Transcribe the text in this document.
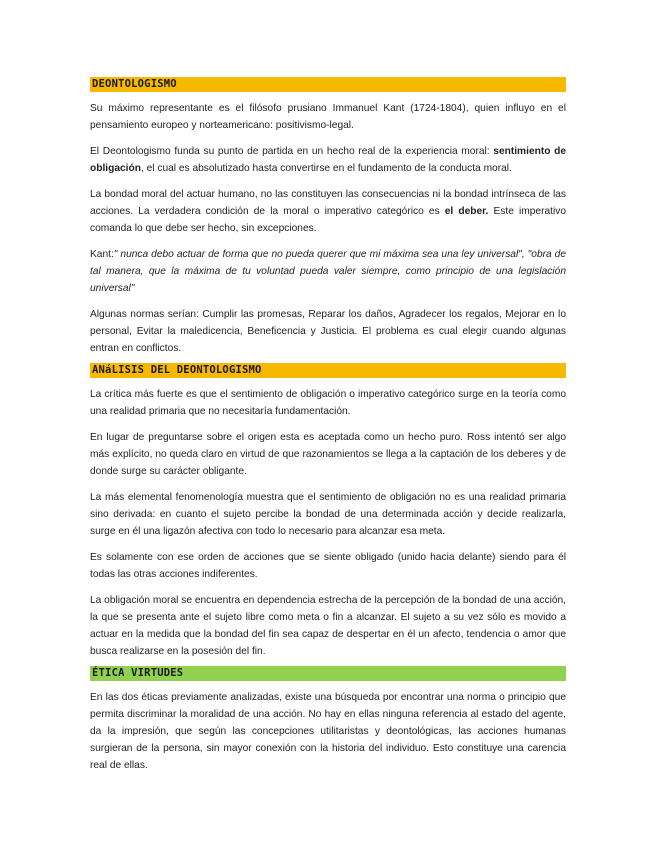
DEONTOLOGISMO

Su máximo representante es el filósofo prusiano Immanuel Kant (1724-1804), quien influyo en el pensamiento europeo y norteamericano: positivismo-legal.

El Deontologismo funda su punto de partida en un hecho real de la experiencia moral: sentimiento de obligación, el cual es absolutizado hasta convertirse en el fundamento de la conducta moral.

La bondad moral del actuar humano, no las constituyen las consecuencias ni la bondad intrínseca de las acciones. La verdadera condición de la moral o imperativo categórico es el deber. Este imperativo comanda lo que debe ser hecho, sin excepciones.

Kant:" nunca debo actuar de forma que no pueda querer que mi máxima sea una ley universal", "obra de tal manera, que la máxima de tu voluntad pueda valer siempre, como principio de una legislación universal"

Algunas normas serían: Cumplir las promesas, Reparar los daños, Agradecer los regalos, Mejorar en lo personal, Evitar la maledicencia, Beneficencia y Justicia. El problema es cual elegir cuando algunas entran en conflictos.

ANáLISIS DEL DEONTOLOGISMO

La crítica más fuerte es que el sentimiento de obligación o imperativo categórico surge en la teoría como una realidad primaria que no necesitaría fundamentación.

En lugar de preguntarse sobre el origen esta es aceptada como un hecho puro. Ross intentó ser algo más explícito, no queda claro en virtud de que razonamientos se llega a la captación de los deberes y de donde surge su carácter obligante.

La más elemental fenomenología muestra que el sentimiento de obligación no es una realidad primaria sino derivada: en cuanto el sujeto percibe la bondad de una determinada acción y decide realizarla, surge en él una ligazón afectiva con todo lo necesario para alcanzar esa meta.

Es solamente con ese orden de acciones que se siente obligado (unido hacia delante) siendo para él todas las otras acciones indiferentes.

La obligación moral se encuentra en dependencia estrecha de la percepción de la bondad de una acción, la que se presenta ante el sujeto libre como meta o fin a alcanzar. El sujeto a su vez sólo es movido a actuar en la medida que la bondad del fin sea capaz de despertar en él un afecto, tendencia o amor que busca realizarse en la posesión del fin.

ÉTICA VIRTUDES

En las dos éticas previamente analizadas, existe una búsqueda por encontrar una norma o principio que permita discriminar la moralidad de una acción. No hay en ellas ninguna referencia al estado del agente, da la impresión, que según las concepciones utilitaristas y deontológicas, las acciones humanas surgieran de la persona, sin mayor conexión con la historia del individuo. Esto constituye una carencia real de ellas.
